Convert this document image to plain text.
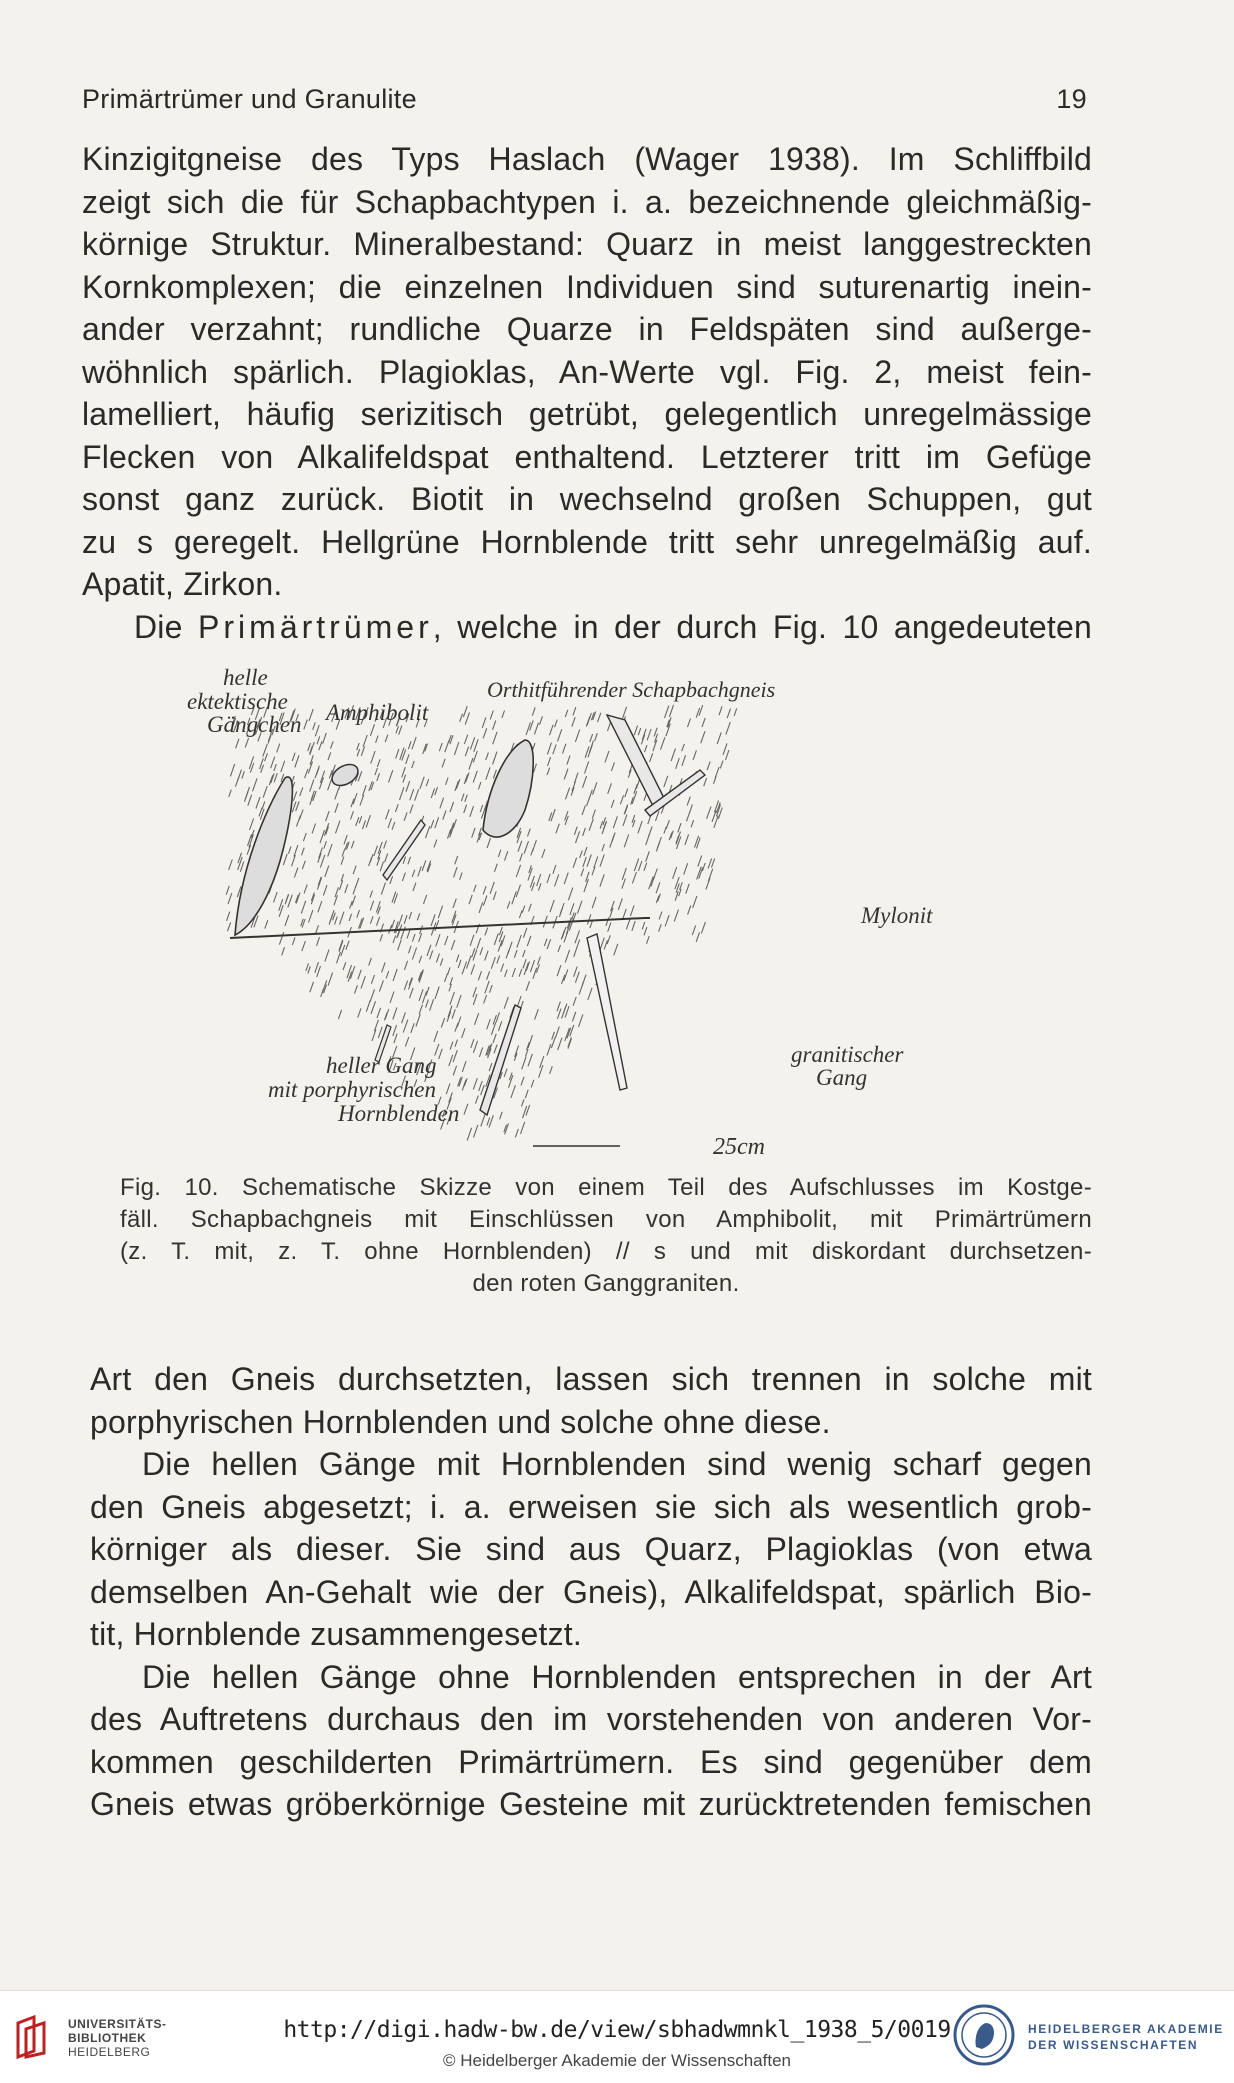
Primärtrümer und Granulite	19
Kinzigitgneise des Typs Haslach (Wager 1938). Im Schliffbild
zeigt sich die für Schapbachtypen i. a. bezeichnende gleichmäßig-
körnige Struktur. Mineralbestand: Quarz in meist langgestreckten
Kornkomplexen; die einzelnen Individuen sind suturenartig inein-
ander verzahnt; rundliche Quarze in Feldspäten sind außerge-
wöhnlich spärlich. Plagioklas, An-Werte vgl. Fig. 2, meist fein-
lamelliert, häufig serizitisch getrübt, gelegentlich unregelmässige
Flecken von Alkalifeldspat enthaltend. Letzterer tritt im Gefüge
sonst ganz zurück. Biotit in wechselnd großen Schuppen, gut
zu s geregelt. Hellgrüne Hornblende tritt sehr unregelmäßig auf.
Apatit, Zirkon.
Die Primärtrümer, welche in der durch Fig. 10 angedeuteten
helle
ektektische
Gängchen Amphibolit
Orthitführender Schapbachgneis
Mylonit
granitischer
Gang
heller Gang
mit porphyrischen
Hornblenden
25cm
Fig. 10. Schematische Skizze von einem Teil des Aufschlusses im Kostge-
fäll. Schapbachgneis mit Einschlüssen von Amphibolit, mit Primärtrümern
(z. T. mit, z. T. ohne Hornblenden) // s und mit diskordant durchsetzen-
den roten Ganggraniten.
Art den Gneis durchsetzten, lassen sich trennen in solche mit
porphyrischen Hornblenden und solche ohne diese.
Die hellen Gänge mit Hornblenden sind wenig scharf gegen
den Gneis abgesetzt; i. a. erweisen sie sich als wesentlich grob-
körniger als dieser. Sie sind aus Quarz, Plagioklas (von etwa
demselben An-Gehalt wie der Gneis), Alkalifeldspat, spärlich Bio-
tit, Hornblende zusammengesetzt.
Die hellen Gänge ohne Hornblenden entsprechen in der Art
des Auftretens durchaus den im vorstehenden von anderen Vor-
kommen geschilderten Primärtrümern. Es sind gegenüber dem
Gneis etwas gröberkörnige Gesteine mit zurücktretenden femischen
UNIVERSITÄTS-
BIBLIOTHEK
HEIDELBERG
http://digi.hadw-bw.de/view/sbhadwmnkl_1938_5/0019
© Heidelberger Akademie der Wissenschaften
HEIDELBERGER AKADEMIE
DER WISSENSCHAFTEN
